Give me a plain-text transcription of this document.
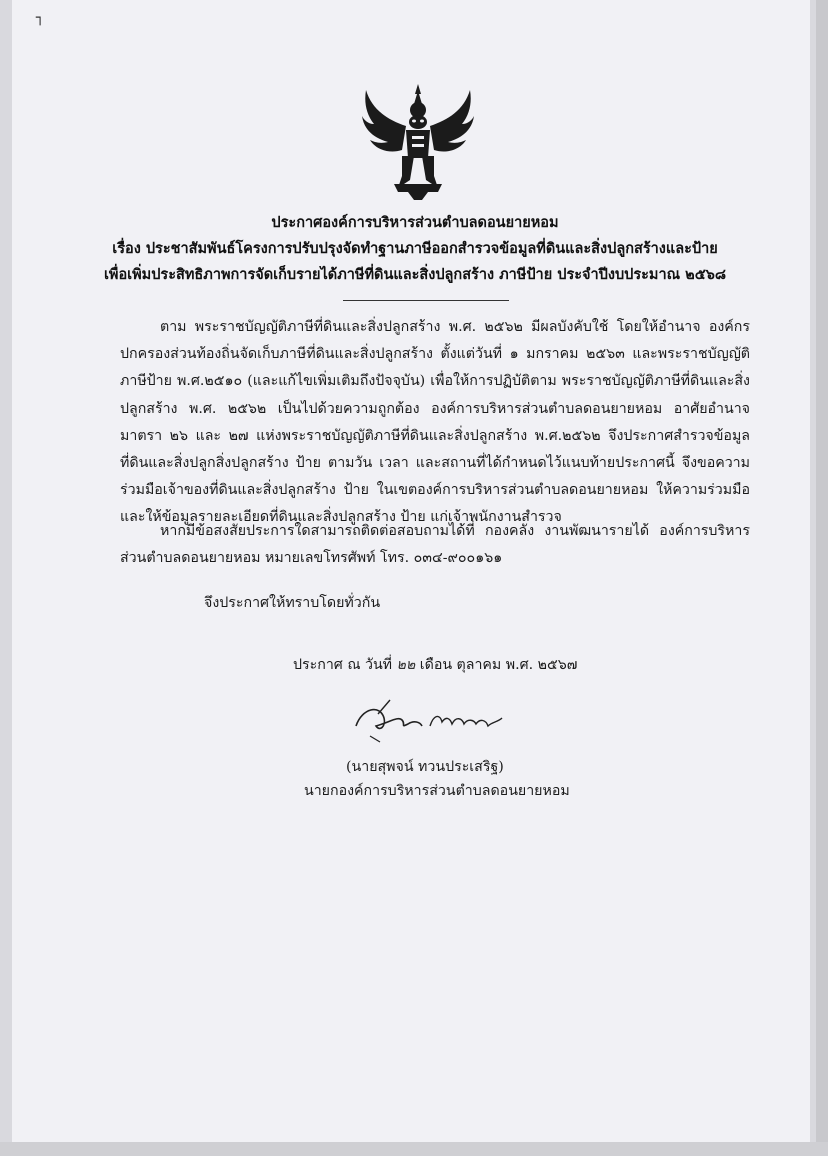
┐
ประกาศองค์การบริหารส่วนตำบลดอนยายหอม
เรื่อง ประชาสัมพันธ์โครงการปรับปรุงจัดทำฐานภาษีออกสำรวจข้อมูลที่ดินและสิ่งปลูกสร้างและป้าย
เพื่อเพิ่มประสิทธิภาพการจัดเก็บรายได้ภาษีที่ดินและสิ่งปลูกสร้าง ภาษีป้าย ประจำปีงบประมาณ ๒๕๖๘

ตาม พระราชบัญญัติภาษีที่ดินและสิ่งปลูกสร้าง พ.ศ. ๒๕๖๒ มีผลบังคับใช้ โดยให้อำนาจ องค์กรปกครองส่วนท้องถิ่นจัดเก็บภาษีที่ดินและสิ่งปลูกสร้าง ตั้งแต่วันที่ ๑ มกราคม ๒๕๖๓ และพระราชบัญญัติภาษีป้าย พ.ศ.๒๕๑๐ (และแก้ไขเพิ่มเติมถึงปัจจุบัน) เพื่อให้การปฏิบัติตาม พระราชบัญญัติภาษีที่ดินและสิ่งปลูกสร้าง พ.ศ. ๒๕๖๒ เป็นไปด้วยความถูกต้อง องค์การบริหารส่วนตำบลดอนยายหอม อาศัยอำนาจมาตรา ๒๖ และ ๒๗ แห่งพระราชบัญญัติภาษีที่ดินและสิ่งปลูกสร้าง พ.ศ.๒๕๖๒ จึงประกาศสำรวจข้อมูลที่ดินและสิ่งปลูกสิ่งปลูกสร้าง ป้าย ตามวัน เวลา และสถานที่ได้กำหนดไว้แนบท้ายประกาศนี้ จึงขอความร่วมมือเจ้าของที่ดินและสิ่งปลูกสร้าง ป้าย ในเขตองค์การบริหารส่วนตำบลดอนยายหอม ให้ความร่วมมือและให้ข้อมูลรายละเอียดที่ดินและสิ่งปลูกสร้าง ป้าย แก่เจ้าพนักงานสำรวจ

หากมีข้อสงสัยประการใดสามารถติดต่อสอบถามได้ที่ กองคลัง งานพัฒนารายได้ องค์การบริหารส่วนตำบลดอนยายหอม หมายเลขโทรศัพท์ โทร. ๐๓๔-๙๐๐๑๖๑

จึงประกาศให้ทราบโดยทั่วกัน
ประกาศ ณ วันที่ ๒๒ เดือน ตุลาคม พ.ศ. ๒๕๖๗
(นายสุพจน์ ทวนประเสริฐ)
นายกองค์การบริหารส่วนตำบลดอนยายหอม
